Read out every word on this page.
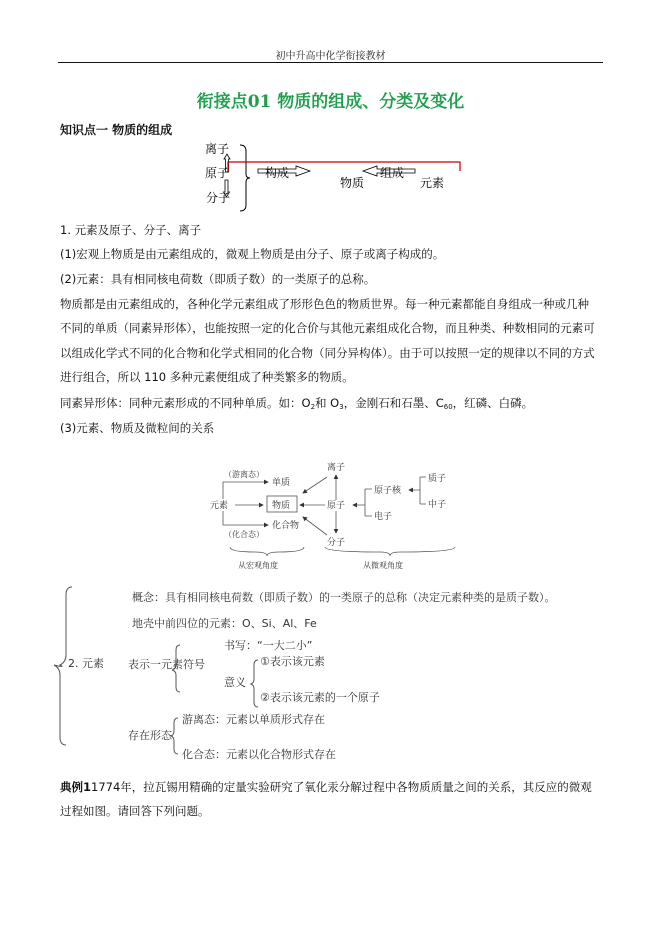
初中升高中化学衔接教材
衔接点01 物质的组成、分类及变化
知识点一 物质的组成
离子
原子
分子
构成
物质
组成
元素
1. 元素及原子、分子、离子
(1)宏观上物质是由元素组成的，微观上物质是由分子、原子或离子构成的。
(2)元素：具有相同核电荷数（即质子数）的一类原子的总称。
物质都是由元素组成的，各种化学元素组成了形形色色的物质世界。每一种元素都能自身组成一种或几种
不同的单质（同素异形体），也能按照一定的化合价与其他元素组成化合物，而且种类、种数相同的元素可
以组成化学式不同的化合物和化学式相同的化合物（同分异构体）。由于可以按照一定的规律以不同的方式
进行组合，所以 110 多种元素便组成了种类繁多的物质。
同素异形体：同种元素形成的不同种单质。如：$O_2$和 $O_3$，金刚石和石墨、$C_{60}$，红磷、白磷。
(3)元素、物质及微粒间的关系
（游离态）
单质
元素	物质
化合物
（化合态）
离子
原子
分子
原子核
电子
质子
中子
从宏观角度	从微观角度
2. 元素
概念：具有相同核电荷数（即质子数）的一类原子的总称（决定元素种类的是质子数）。
地壳中前四位的元素：O、Si、Al、Fe
表示一元素符号
书写：“一大二小”
意义
①表示该元素
②表示该元素的一个原子
存在形态
游离态：元素以单质形式存在
化合态：元素以化合物形式存在
典例11774年，拉瓦锡用精确的定量实验研究了氧化汞分解过程中各物质质量之间的关系，其反应的微观
过程如图。请回答下列问题。
